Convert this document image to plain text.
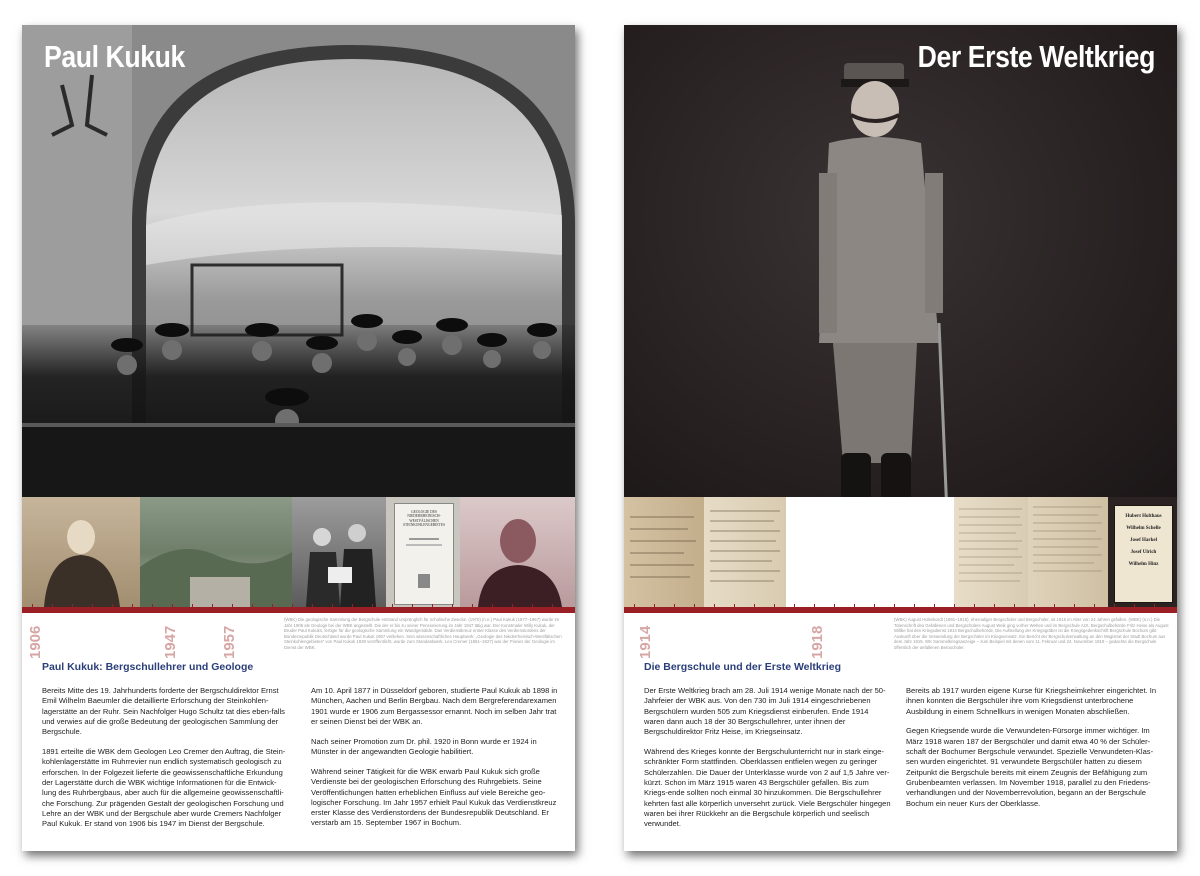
Paul Kukuk
GEOLOGIE DES NIEDERRHEINISCH-WESTFÄLISCHEN STEINKOHLENGEBIETES
1906	1947	1957
(WBK) Die geologische Sammlung der Bergschule entstand ursprünglich für schulische Zwecke. (1970) (n.n.) Paul Kukuk (1877–1967) wurde im Jahr 1906 als Geologe bei der WBK angestellt. Die der er bis zu seiner Pensionierung im Jahr 1947 tätig war. Der Kunstmaler Willy Kukuk, der Bruder Paul Kukuks, fertigte für die geologische Sammlung ein Wandgemälde. Das Verdienstkreuz erster Klasse des Verdienstordens der Bundesrepublik Deutschland wurde Paul Kukuk 1957 verliehen. Sein wissenschaftliches Hauptwerk: „Geologie des Niederrheinisch-Westfälischen Steinkohlengebietes“ von Paul Kukuk 1938 veröffentlicht, wurde zum Standardwerk. Leo Cremer (1861–1927) war der Pionier der Geologie im Dienst der WBK.
Paul Kukuk: Bergschullehrer und Geologe

Bereits Mitte des 19. Jahrhunderts forderte der Bergschuldirektor Ernst Emil Wilhelm Baeumler die detaillierte Erforschung der Steinkohlen-lagerstätte an der Ruhr. Sein Nachfolger Hugo Schultz tat dies eben-falls und verwies auf die große Bedeutung der geologischen Sammlung der Bergschule.

1891 erteilte die WBK dem Geologen Leo Cremer den Auftrag, die Stein-kohlenlagerstätte im Ruhrrevier nun endlich systematisch geologisch zu erforschen. In der Folgezeit lieferte die geowissenschaftliche Erkundung der Lagerstätte durch die WBK wichtige Informationen für die Entwick-lung des Ruhrbergbaus, aber auch für die allgemeine geowissenschaftli-che Forschung. Zur prägenden Gestalt der geologischen Forschung und Lehre an der WBK und der Bergschule aber wurde Cremers Nachfolger Paul Kukuk. Er stand von 1906 bis 1947 im Dienst der Bergschule.

Am 10. April 1877 in Düsseldorf geboren, studierte Paul Kukuk ab 1898 in München, Aachen und Berlin Bergbau. Nach dem Bergreferendarexamen 1901 wurde er 1906 zum Bergassessor ernannt. Noch im selben Jahr trat er seinen Dienst bei der WBK an.

Nach seiner Promotion zum Dr. phil. 1920 in Bonn wurde er 1924 in Münster in der angewandten Geologie habilitiert.

Während seiner Tätigkeit für die WBK erwarb Paul Kukuk sich große Verdienste bei der geologischen Erforschung des Ruhrgebiets. Seine Veröffentlichungen hatten erheblichen Einfluss auf viele Bereiche geo-logischer Forschung. Im Jahr 1957 erhielt Paul Kukuk das Verdienstkreuz erster Klasse des Verdienstordens der Bundesrepublik Deutschland. Er verstarb am 15. September 1967 in Bochum.

Der Erste Weltkrieg
Hubert Holthaus
Wilhelm Schelle
Josef Harkel
Josef Ulrich
Wilhelm Hinz
1914	1918
(WBK) August Hülenkordt (1891–1915), ehemaliger Bergschüler und Bergschüler, ist 1915 im Alter von 24 Jahren gefallen. (WBK) (n.n.) Die Totenschrift des Gefallenen und Bergschülers August Weik ging vorher Wehen und im Bergschule Arzt. Bergschulbehörde Fritz Heise als August Willbe hat den Kriegsdienst 1914 Bergschulbehörde, Die Aufstellung der Kriegsgräber ist die Kriegsgedenkschrift Bergschule Bochum gibt Auskunft über die Verwendung der Bergschüler im Kriegseinsatz. Ein Bericht der Bergschulverwaltung an den Magistrat der Stadt Bochum aus dem Jahr 1915. WK Sammelkriegsanzeige – zum Beispiel mit denen vom 11. Februar und 24. November 1918 – gedachte die Bergschule öffentlich der gefallenen Bergschüler.
Die Bergschule und der Erste Weltkrieg

Der Erste Weltkrieg brach am 28. Juli 1914 wenige Monate nach der 50-Jahrfeier der WBK aus. Von den 730 im Juli 1914 eingeschriebenen Bergschülern wurden 505 zum Kriegsdienst einberufen. Ende 1914 waren dann auch 18 der 30 Bergschullehrer, unter ihnen der Bergschuldirektor Fritz Heise, im Kriegseinsatz.

Während des Krieges konnte der Bergschulunterricht nur in stark einge-schränkter Form stattfinden. Oberklassen entfielen wegen zu geringer Schülerzahlen. Die Dauer der Unterklasse wurde von 2 auf 1,5 Jahre ver-kürzt. Schon im März 1915 waren 43 Bergschüler gefallen. Bis zum Kriegs-ende sollten noch einmal 30 hinzukommen. Die Bergschullehrer kehrten fast alle körperlich unversehrt zurück. Viele Bergschüler hingegen waren bei ihrer Rückkehr an die Bergschule körperlich und seelisch verwundet.

Bereits ab 1917 wurden eigene Kurse für Kriegsheimkehrer eingerichtet. In ihnen konnten die Bergschüler ihre vom Kriegsdienst unterbrochene Ausbildung in einem Schnellkurs in wenigen Monaten abschließen.

Gegen Kriegsende wurde die Verwundeten-Fürsorge immer wichtiger. Im März 1918 waren 187 der Bergschüler und damit etwa 40 % der Schüler-schaft der Bochumer Bergschule verwundet. Spezielle Verwundeten-Klas-sen wurden eingerichtet. 91 verwundete Bergschüler hatten zu diesem Zeitpunkt die Bergschule bereits mit einem Zeugnis der Befähigung zum Grubenbeamten verlassen. Im November 1918, parallel zu den Friedens-verhandlungen und der Novemberrevolution, begann an der Bergschule Bochum ein neuer Kurs der Oberklasse.
